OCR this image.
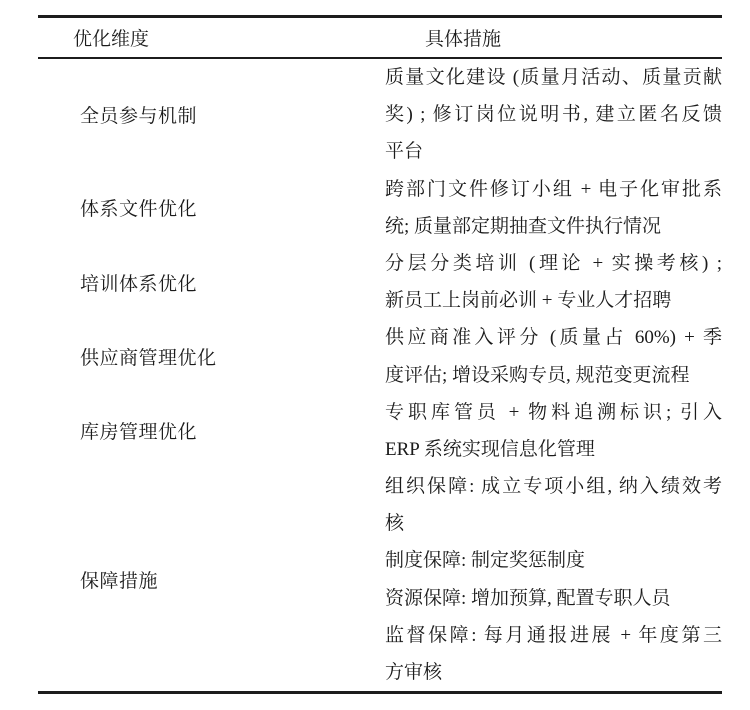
优化维度	具体措施
全员参与机制
质量文化建设 (质量月活动、质量贡献
奖) ; 修订岗位说明书, 建立匿名反馈
平台
体系文件优化
跨部门文件修订小组 + 电子化审批系
统; 质量部定期抽查文件执行情况
培训体系优化
分层分类培训 (理论 + 实操考核) ;
新员工上岗前必训 + 专业人才招聘
供应商管理优化
供应商准入评分 (质量占 60%) + 季
度评估; 增设采购专员, 规范变更流程
库房管理优化
专职库管员 + 物料追溯标识; 引入
ERP 系统实现信息化管理
保障措施
组织保障: 成立专项小组, 纳入绩效考
核
制度保障: 制定奖惩制度
资源保障: 增加预算, 配置专职人员
监督保障: 每月通报进展 + 年度第三
方审核
